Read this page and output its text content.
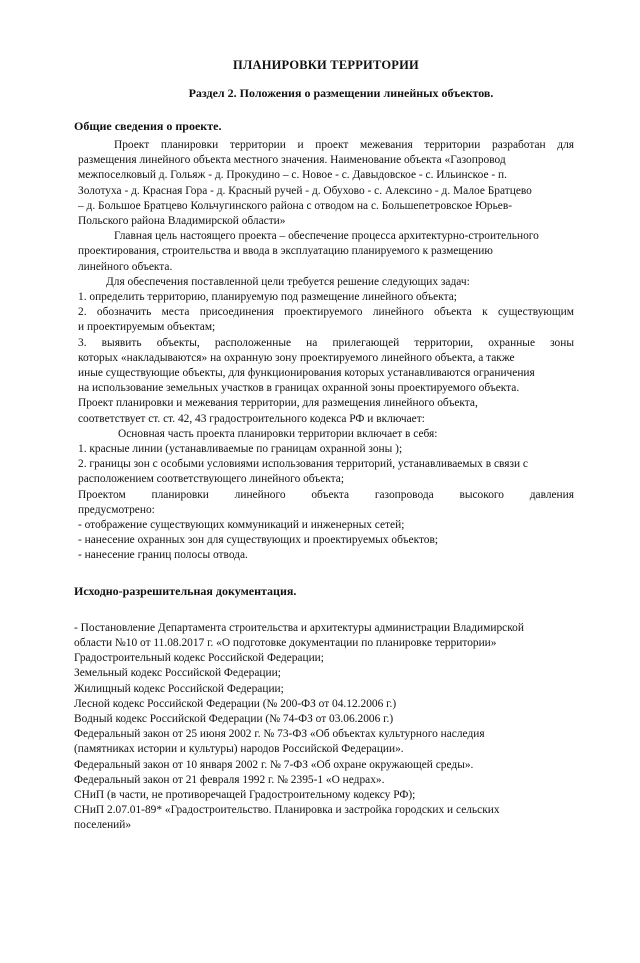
ПЛАНИРОВКИ ТЕРРИТОРИИ
Раздел 2. Положения о размещении линейных объектов.
Общие сведения о проекте.
Проект планировки территории и проект межевания территории разработан для
размещения линейного объекта местного значения. Наименование объекта «Газопровод
межпоселковый д. Гольяж - д. Прокудино – с. Новое - с. Давыдовское - с. Ильинское - п.
Золотуха - д. Красная Гора - д. Красный ручей - д. Обухово - с. Алексино - д. Малое Братцево
– д. Большое Братцево Кольчугинского района с отводом на с. Большепетровское Юрьев-
Польского района Владимирской области»
Главная цель настоящего проекта – обеспечение процесса архитектурно-строительного
проектирования, строительства и ввода в эксплуатацию планируемого к размещению
линейного объекта.
Для обеспечения поставленной цели требуется решение следующих задач:
1. определить территорию, планируемую под размещение линейного объекта;
2. обозначить места присоединения проектируемого линейного объекта к существующим
и проектируемым объектам;
3. выявить объекты, расположенные на прилегающей территории, охранные зоны
которых «накладываются» на охранную зону проектируемого линейного объекта, а также
иные существующие объекты, для функционирования которых устанавливаются ограничения
на использование земельных участков в границах охранной зоны проектируемого объекта.
Проект планировки и межевания территории, для размещения линейного объекта,
соответствует ст. ст. 42, 43 градостроительного кодекса РФ и включает:
Основная часть проекта планировки территории включает в себя:
1. красные линии (устанавливаемые по границам охранной зоны );
2. границы зон с особыми условиями использования территорий, устанавливаемых в связи с
расположением соответствующего линейного объекта;
Проектом планировки линейного объекта газопровода высокого давления
предусмотрено:
- отображение существующих коммуникаций и инженерных сетей;
- нанесение охранных зон для существующих и проектируемых объектов;
- нанесение границ полосы отвода.
Исходно-разрешительная документация.
- Постановление Департамента строительства и архитектуры администрации Владимирской
области №10 от 11.08.2017 г. «О подготовке документации по планировке территории»
Градостроительный кодекс Российской Федерации;
Земельный кодекс Российской Федерации;
Жилищный кодекс Российской Федерации;
Лесной кодекс Российской Федерации (№ 200-ФЗ от 04.12.2006 г.)
Водный кодекс Российской Федерации (№ 74-ФЗ от 03.06.2006 г.)
Федеральный закон от 25 июня 2002 г. № 73-ФЗ «Об объектах культурного наследия
(памятниках истории и культуры) народов Российской Федерации».
Федеральный закон от 10 января 2002 г. № 7-ФЗ «Об охране окружающей среды».
Федеральный закон от 21 февраля 1992 г. № 2395-1 «О недрах».
СНиП (в части, не противоречащей Градостроительному кодексу РФ);
СНиП 2.07.01-89* «Градостроительство. Планировка и застройка городских и сельских
поселений»
